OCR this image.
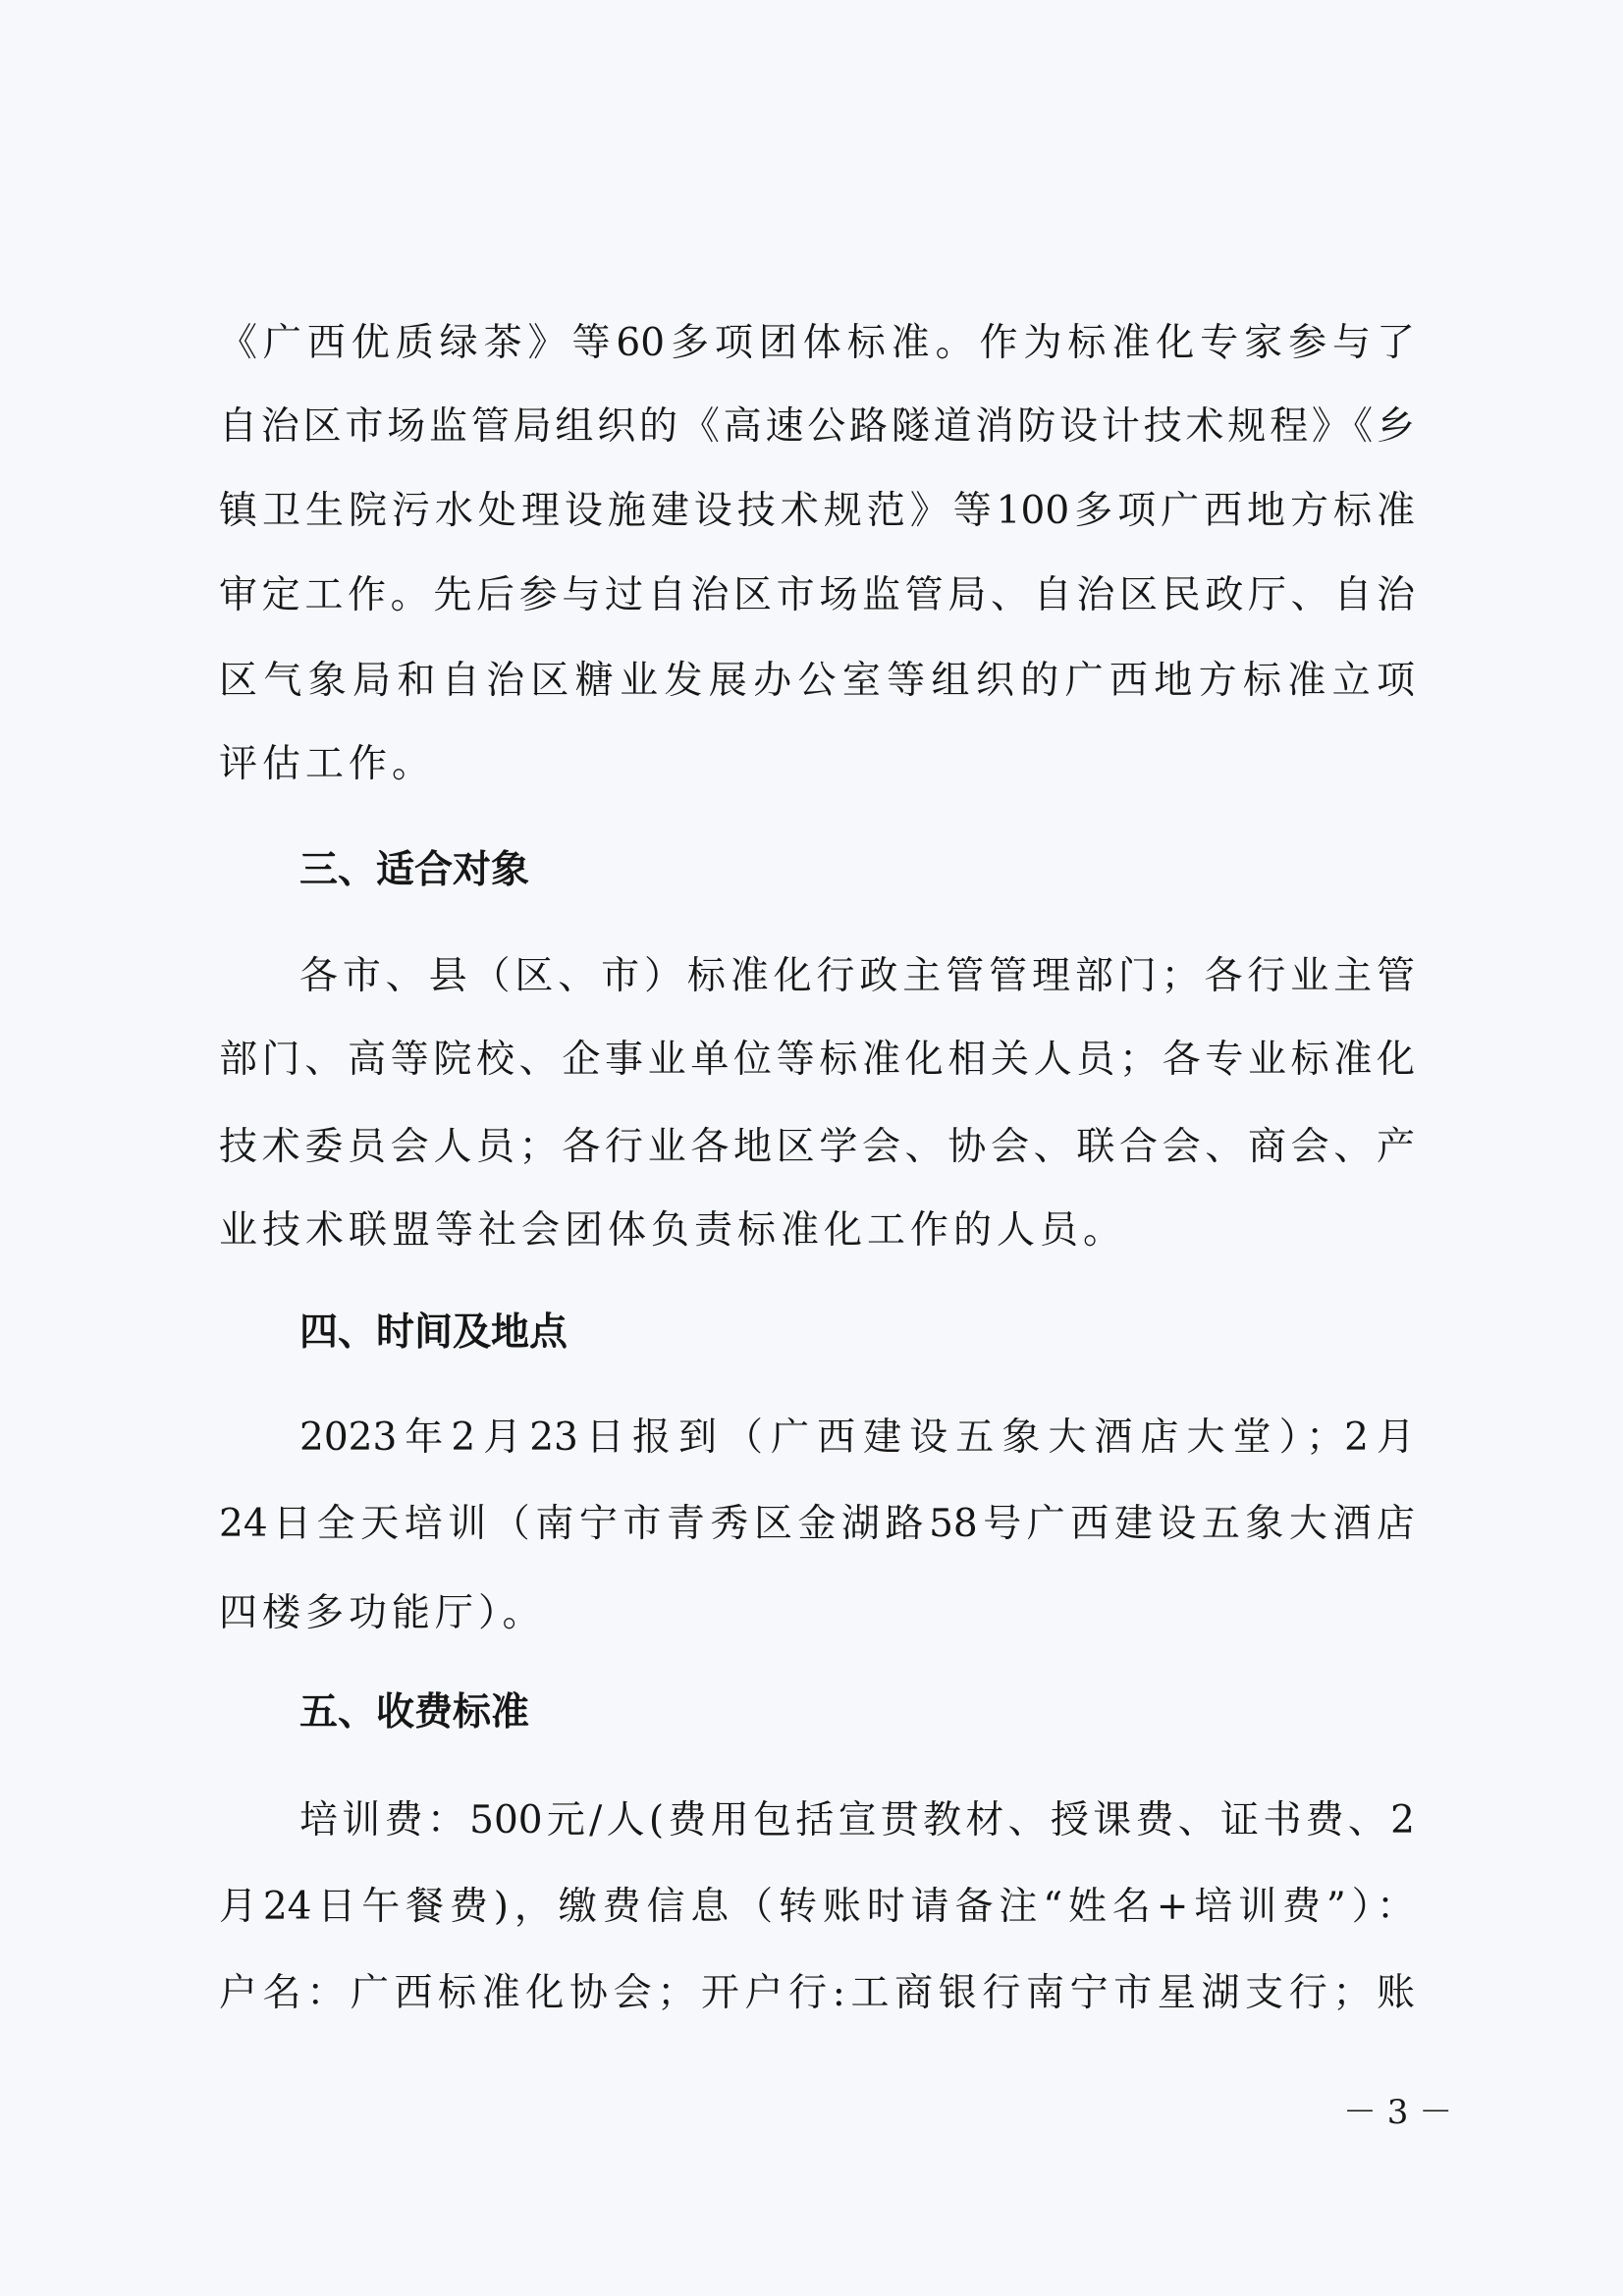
《广西优质绿茶》等60多项团体标准。作为标准化专家参与了
自治区市场监管局组织的《高速公路隧道消防设计技术规程》《乡
镇卫生院污水处理设施建设技术规范》等100多项广西地方标准
审定工作。先后参与过自治区市场监管局、自治区民政厅、自治
区气象局和自治区糖业发展办公室等组织的广西地方标准立项
评估工作。
三、适合对象
各市、县（区、市）标准化行政主管管理部门；各行业主管
部门、高等院校、企事业单位等标准化相关人员；各专业标准化
技术委员会人员；各行业各地区学会、协会、联合会、商会、产
业技术联盟等社会团体负责标准化工作的人员。
四、时间及地点
2023年2月23日报到（广西建设五象大酒店大堂）；2月
24日全天培训（南宁市青秀区金湖路58号广西建设五象大酒店
四楼多功能厅）。
五、收费标准
培训费：500元/人(费用包括宣贯教材、授课费、证书费、2
月24日午餐费)，缴费信息（转账时请备注“姓名+培训费”）：
户名：广西标准化协会；开户行:工商银行南宁市星湖支行；账
－ 3 －
